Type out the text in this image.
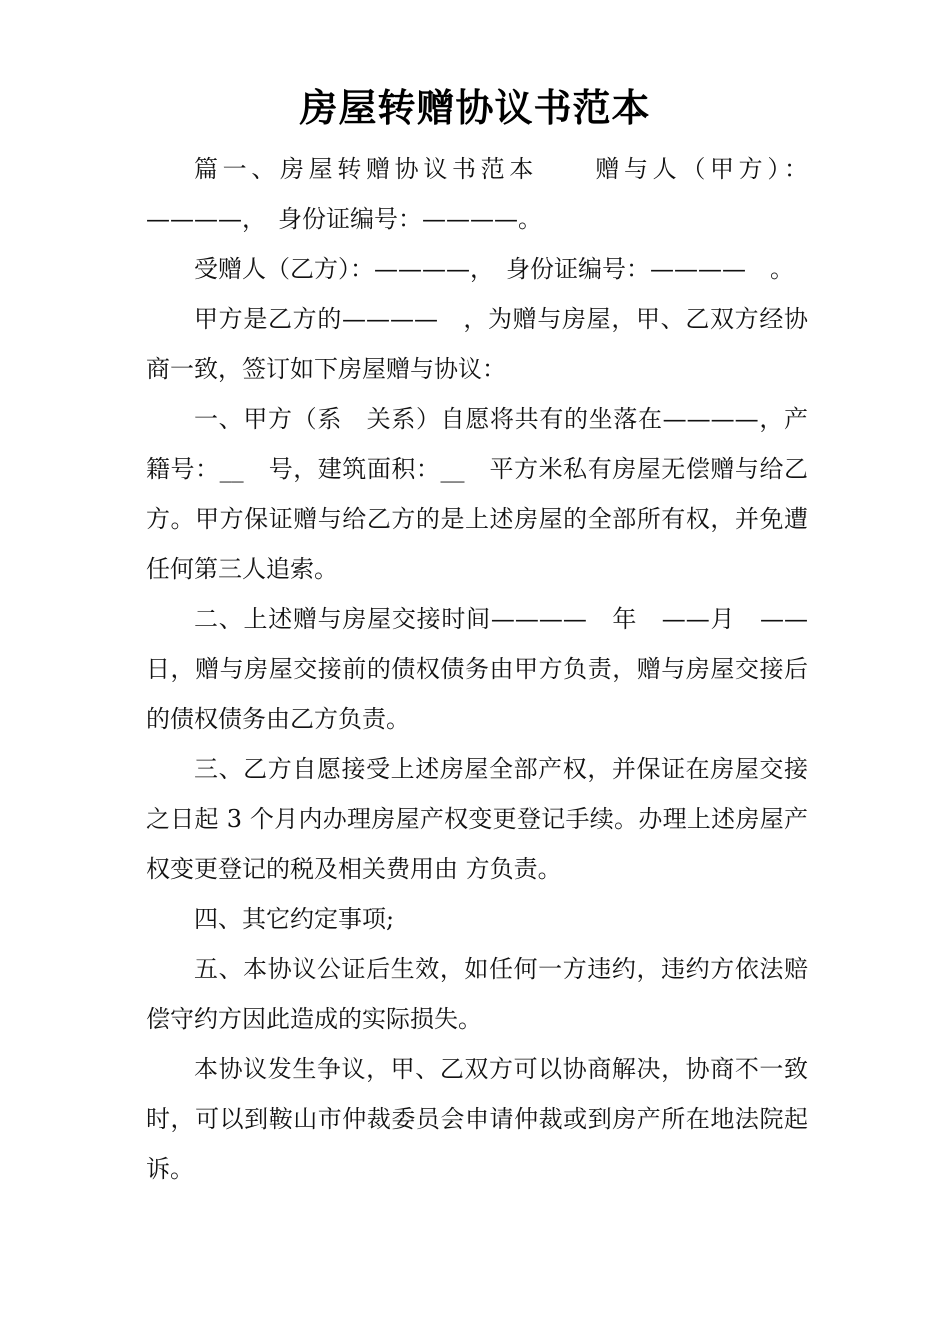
房屋转赠协议书范本

篇一、房屋转赠协议书范本　　赠与人（甲方）：————，　身份证编号：————。

受赠人（乙方）：————，　身份证编号：————　。

甲方是乙方的————　，为赠与房屋，甲、乙双方经协商一致，签订如下房屋赠与协议：

一、甲方（系　关系）自愿将共有的坐落在————，产籍号：__　号，建筑面积：__　平方米私有房屋无偿赠与给乙方。甲方保证赠与给乙方的是上述房屋的全部所有权，并免遭任何第三人追索。

二、上述赠与房屋交接时间————　年　——月　——日，赠与房屋交接前的债权债务由甲方负责，赠与房屋交接后的债权债务由乙方负责。

三、乙方自愿接受上述房屋全部产权，并保证在房屋交接之日起 3 个月内办理房屋产权变更登记手续。办理上述房屋产权变更登记的税及相关费用由 方负责。

四、其它约定事项;

五、本协议公证后生效，如任何一方违约，违约方依法赔偿守约方因此造成的实际损失。

本协议发生争议，甲、乙双方可以协商解决，协商不一致时，可以到鞍山市仲裁委员会申请仲裁或到房产所在地法院起诉。
